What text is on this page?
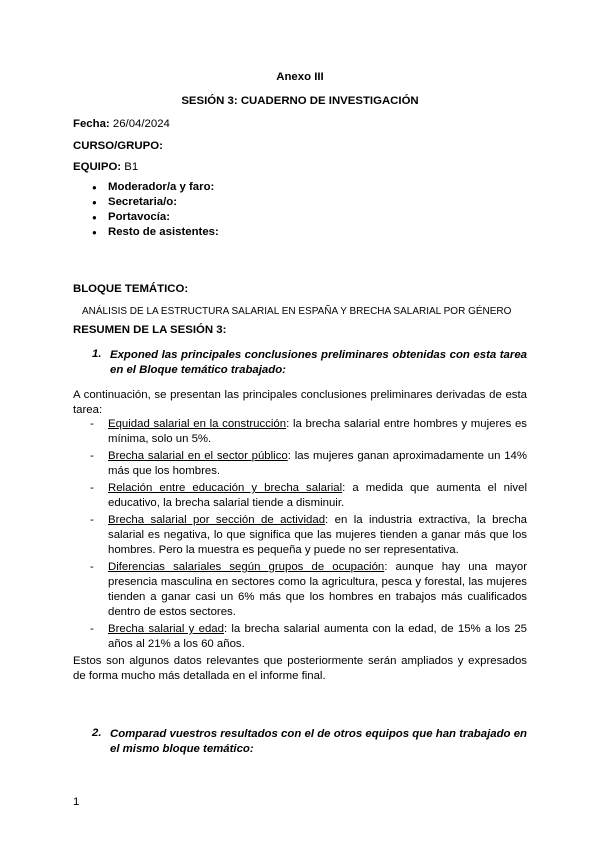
Anexo III
SESIÓN 3: CUADERNO DE INVESTIGACIÓN
Fecha: 26/04/2024
CURSO/GRUPO:
EQUIPO: B1
● Moderador/a y faro:
● Secretaria/o:
● Portavocía:
● Resto de asistentes:
BLOQUE TEMÁTICO:
ANÁLISIS DE LA ESTRUCTURA SALARIAL EN ESPAÑA Y BRECHA SALARIAL POR GÉNERO
RESUMEN DE LA SESIÓN 3:
1. Exponed las principales conclusiones preliminares obtenidas con esta tarea en el Bloque temático trabajado:
A continuación, se presentan las principales conclusiones preliminares derivadas de esta tarea:
- Equidad salarial en la construcción: la brecha salarial entre hombres y mujeres es mínima, solo un 5%.
- Brecha salarial en el sector público: las mujeres ganan aproximadamente un 14% más que los hombres.
- Relación entre educación y brecha salarial: a medida que aumenta el nivel educativo, la brecha salarial tiende a disminuir.
- Brecha salarial por sección de actividad: en la industria extractiva, la brecha salarial es negativa, lo que significa que las mujeres tienden a ganar más que los hombres. Pero la muestra es pequeña y puede no ser representativa.
- Diferencias salariales según grupos de ocupación: aunque hay una mayor presencia masculina en sectores como la agricultura, pesca y forestal, las mujeres tienden a ganar casi un 6% más que los hombres en trabajos más cualificados dentro de estos sectores.
- Brecha salarial y edad: la brecha salarial aumenta con la edad, de 15% a los 25 años al 21% a los 60 años.
Estos son algunos datos relevantes que posteriormente serán ampliados y expresados de forma mucho más detallada en el informe final.
2. Comparad vuestros resultados con el de otros equipos que han trabajado en el mismo bloque temático:
1
